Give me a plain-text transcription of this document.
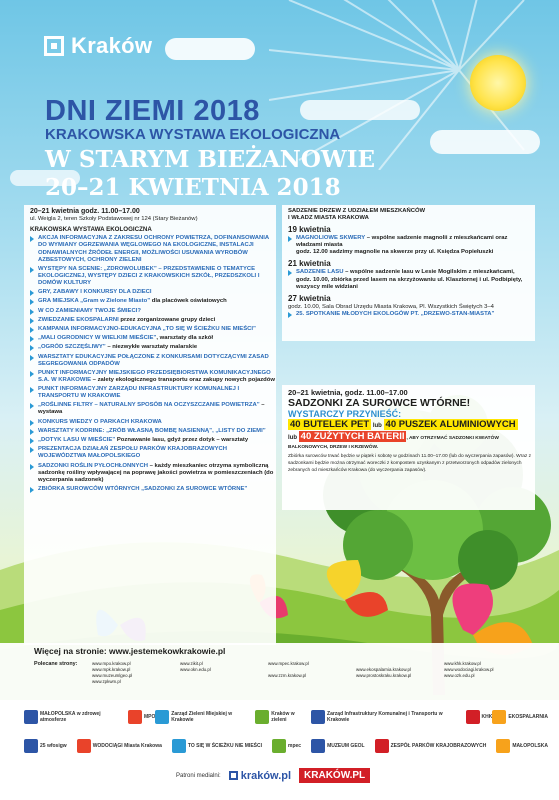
Kraków
DNI ZIEMI 2018
KRAKOWSKA WYSTAWA EKOLOGICZNA
W STARYM BIEŻANOWIE
20–21 KWIETNIA 2018
20–21 kwietnia godz. 11.00–17.00
ul. Weigla 2, teren Szkoły Podstawowej nr 124 (Stary Bieżanów)
KRAKOWSKA WYSTAWA EKOLOGICZNA
AKCJA INFORMACYJNA Z ZAKRESU OCHRONY POWIETRZA, DOFINANSOWANIA DO WYMIANY OGRZEWANIA WĘGLOWEGO NA EKOLOGICZNE, INSTALACJI ODNAWIALNYCH ŹRÓDEŁ ENERGII, MOŻLIWOŚCI USUWANIA WYROBÓW AZBESTOWYCH, OCHRONY ZIELENI
WYSTĘPY NA SCENIE: „ZDROWOLUBEK” – PRZEDSTAWIENIE O TEMATYCE EKOLOGICZNEJ, WYSTĘPY DZIECI Z KRAKOWSKICH SZKÓŁ, PRZEDSZKOLI I DOMÓW KULTURY
GRY, ZABAWY I KONKURSY DLA DZIECI
GRA MIEJSKA „Gram w Zielone Miasto” dla placówek oświatowych
W CO ZAMIENIAMY TWOJE ŚMIECI?
ZWIEDZANIE EKOSPALARNI przez zorganizowane grupy dzieci
KAMPANIA INFORMACYJNO-EDUKACYJNA „TO SIĘ W ŚCIEŻKU NIE MIEŚCI”
„MALI OGRODNICY W WIELKIM MIEŚCIE”, warsztaty dla szkół
„OGRÓD SZCZĘŚLIWY” – niezwykłe warsztaty malarskie
WARSZTATY EDUKACYJNE POŁĄCZONE Z KONKURSAMI DOTYCZĄCYMI ZASAD SEGREGOWANIA ODPADÓW
PUNKT INFORMACYJNY MIEJSKIEGO PRZEDSIĘBIORSTWA KOMUNIKACYJNEGO S.A. W KRAKOWIE – zalety ekologicznego transportu oraz zakupy nowych pojazdów
PUNKT INFORMACYJNY ZARZĄDU INFRASTRUKTURY KOMUNALNEJ I TRANSPORTU W KRAKOWIE
„ROŚLINNE FILTRY – NATURALNY SPOSÓB NA OCZYSZCZANIE POWIETRZA” – wystawa
KONKURS WIEDZY O PARKACH KRAKOWA
WARSZTATY KODRINE: „ZRÓB WŁASNĄ BOMBĘ NASIENNĄ”, „LISTY DO ZIEMI”
„DOTYK LASU W MIEŚCIE” Poznawanie lasu, gdyż przez dotyk – warsztaty
PREZENTACJA DZIAŁAŃ ZESPOŁU PARKÓW KRAJOBRAZOWYCH WOJEWÓDZTWA MAŁOPOLSKIEGO
SADZONKI ROŚLIN PYŁOCHŁONNYCH – każdy mieszkaniec otrzyma symboliczną sadzonkę rośliny wpływającej na poprawę jakości powietrza w pomieszczeniach (do wyczerpania sadzonek)
ZBIÓRKA SUROWCÓW WTÓRNYCH „SADZONKI ZA SUROWCE WTÓRNE”
SADZENIE DRZEW Z UDZIAŁEM MIESZKAŃCÓW
I WŁADZ MIASTA KRAKOWA
19 kwietnia
MAGNOLIOWE SKWERY – wspólne sadzenie magnolii z mieszkańcami oraz władzami miasta
godz. 12.00 sadzimy magnolie na skwerze przy ul. Księdza Popiełuszki
21 kwietnia
SADZENIE LASU – wspólne sadzenie lasu w Lesie Mogilskim z mieszkańcami,
godz. 10.00, zbiórka przed lasem na skrzyżowaniu ul. Klasztornej i ul. Podbipięty, wszyscy mile widziani
27 kwietnia
godz. 10.00, Sala Obrad Urzędu Miasta Krakowa, Pl. Wszystkich Świętych 3–4
25. SPOTKANIE MŁODYCH EKOLOGÓW PT. „DRZEWO-STAN-MIASTA”
20–21 kwietnia, godz. 11.00–17.00
SADZONKI ZA SUROWCE WTÓRNE!
WYSTARCZY PRZYNIEŚĆ:
40 BUTELEK PET lub 40 PUSZEK ALUMINIOWYCH
lub 40 ZUŻYTYCH BATERII , ABY OTRZYMAĆ SADZONKI KWIATÓW BALKONOWYCH, DRZEW I KRZEWÓW.
Zbiórka surowców trwać będzie w piątek i sobotę w godzinach 11.00–17.00 (lub do wyczerpania zapasów). Wraz z sadzonkami będzie można otrzymać woreczki z kompostem uzyskanym z przetworzonych odpadów zielonych zebranych od mieszkańców Krakowa (do wyczerpania zapasów).
Więcej na stronie: www.jestemekowkrakowie.pl
Polecane strony:	www.mpo.krakow.pl	www.zikit.pl	www.mpec.krakow.pl	www.khk.krakow.pl
www.mpk.krakow.pl	www.okn.edu.pl	www.ekospalarnia.krakow.pl	www.wodociagi.krakow.pl
www.muzeumlgeo.pl	www.zzm.krakow.pl	www.prostoskraku.krakow.pl	www.ozk.edu.pl
www.zpkwm.pl
MAŁOPOLSKA w zdrowej atmosferze	MPO	Zarząd Zieleni Miejskiej w Krakowie
Kraków w zieleni
Zarząd Infrastruktury Komunalnej i Transportu w Krakowie	KHK	EKOSPALARNIA
25 wfosigw	WODOCIĄGI Miasta Krakowa	TO SIĘ W ŚCIEŻKU NIE MIEŚCI	mpec	MUZEUM GEOL	ZESPÓŁ PARKÓW KRAJOBRAZOWYCH	MAŁOPOLSKA
Patroni medialni: kraków.pl	KRAKÓW.PL
